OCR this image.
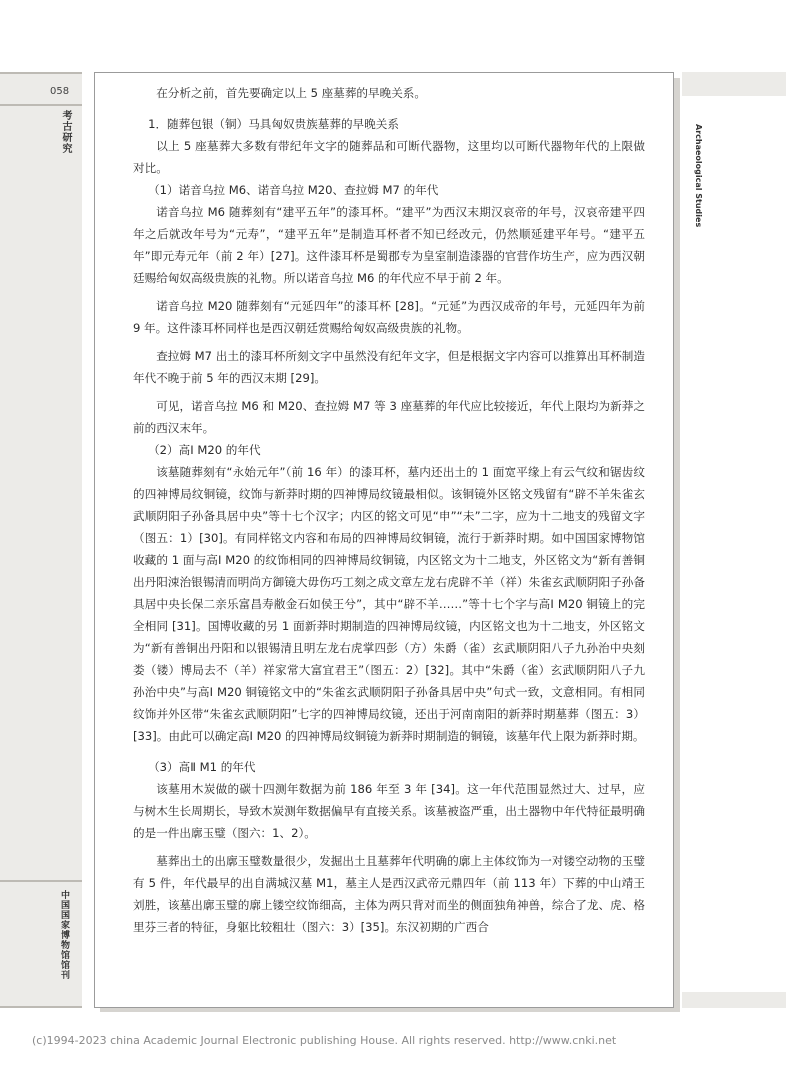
058
考古研究	Archaeological Studies
中国国家博物馆馆刊

在分析之前，首先要确定以上 5 座墓葬的早晚关系。

1．随葬包银（铜）马具匈奴贵族墓葬的早晚关系

以上 5 座墓葬大多数有带纪年文字的随葬品和可断代器物，这里均以可断代器物年代的上限做对比。

（1）诺音乌拉 M6、诺音乌拉 M20、查拉姆 M7 的年代

诺音乌拉 M6 随葬刻有“建平五年”的漆耳杯。“建平”为西汉末期汉哀帝的年号，汉哀帝建平四年之后就改年号为“元寿”，“建平五年”是制造耳杯者不知已经改元，仍然顺延建平年号。“建平五年”即元寿元年（前 2 年）[27]。这件漆耳杯是蜀郡专为皇室制造漆器的官营作坊生产，应为西汉朝廷赐给匈奴高级贵族的礼物。所以诺音乌拉 M6 的年代应不早于前 2 年。

诺音乌拉 M20 随葬刻有“元延四年”的漆耳杯 [28]。“元延”为西汉成帝的年号，元延四年为前 9 年。这件漆耳杯同样也是西汉朝廷赏赐给匈奴高级贵族的礼物。

查拉姆 M7 出土的漆耳杯所刻文字中虽然没有纪年文字，但是根据文字内容可以推算出耳杯制造年代不晚于前 5 年的西汉末期 [29]。

可见，诺音乌拉 M6 和 M20、查拉姆 M7 等 3 座墓葬的年代应比较接近，年代上限均为新莽之前的西汉末年。

（2）高Ⅰ M20 的年代

该墓随葬刻有“永始元年”（前 16 年）的漆耳杯，墓内还出土的 1 面宽平缘上有云气纹和锯齿纹的四神博局纹铜镜，纹饰与新莽时期的四神博局纹镜最相似。该铜镜外区铭文残留有“辟不羊朱雀玄武顺阴阳子孙备具居中央”等十七个汉字；内区的铭文可见“申”“未”二字，应为十二地支的残留文字（图五：1）[30]。有同样铭文内容和布局的四神博局纹铜镜，流行于新莽时期。如中国国家博物馆收藏的 1 面与高Ⅰ M20 的纹饰相同的四神博局纹铜镜，内区铭文为十二地支，外区铭文为“新有善铜出丹阳涑治银锡清而明尚方御镜大毋伤巧工刻之成文章左龙右虎辟不羊（祥）朱雀玄武顺阴阳子孙备具居中央长保二亲乐富昌寿敝金石如侯王兮”，其中“辟不羊……”等十七个字与高Ⅰ M20 铜镜上的完全相同 [31]。国博收藏的另 1 面新莽时期制造的四神博局纹镜，内区铭文也为十二地支，外区铭文为“新有善铜出丹阳和以银锡清且明左龙右虎掌四彭（方）朱爵（雀）玄武顺阴阳八子九孙治中央刻娄（镂）博局去不（羊）祥家常大富宜君王”（图五：2）[32]。其中“朱爵（雀）玄武顺阴阳八子九孙治中央”与高Ⅰ M20 铜镜铭文中的“朱雀玄武顺阴阳子孙备具居中央”句式一致，文意相同。有相同纹饰并外区带“朱雀玄武顺阴阳”七字的四神博局纹镜，还出于河南南阳的新莽时期墓葬（图五：3）[33]。由此可以确定高Ⅰ M20 的四神博局纹铜镜为新莽时期制造的铜镜，该墓年代上限为新莽时期。

（3）高Ⅱ M1 的年代

该墓用木炭做的碳十四测年数据为前 186 年至 3 年 [34]。这一年代范围显然过大、过早，应与树木生长周期长，导致木炭测年数据偏早有直接关系。该墓被盗严重，出土器物中年代特征最明确的是一件出廓玉璧（图六：1、2）。

墓葬出土的出廓玉璧数量很少，发掘出土且墓葬年代明确的廓上主体纹饰为一对镂空动物的玉璧有 5 件，年代最早的出自满城汉墓 M1，墓主人是西汉武帝元鼎四年（前 113 年）下葬的中山靖王刘胜，该墓出廓玉璧的廓上镂空纹饰细高，主体为两只背对而坐的侧面独角神兽，综合了龙、虎、格里芬三者的特征，身躯比较粗壮（图六：3）[35]。东汉初期的广西合

(c)1994-2023 china Academic Journal Electronic publishing House. All rights reserved. http://www.cnki.net
